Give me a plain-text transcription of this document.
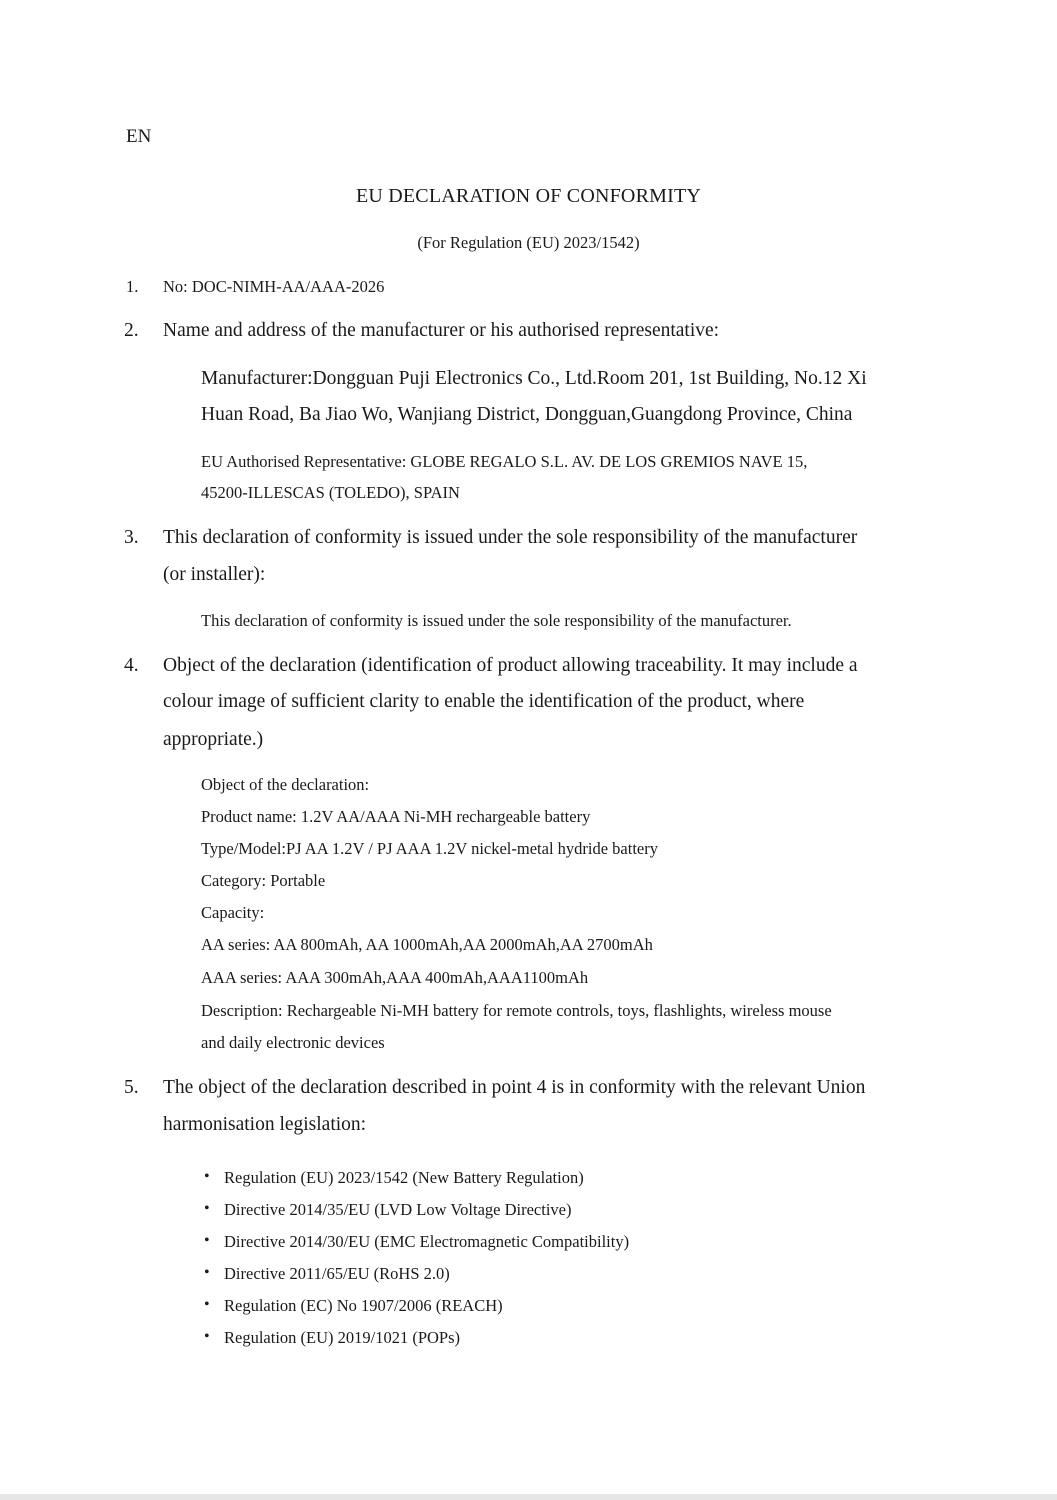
EN
EU DECLARATION OF CONFORMITY
(For Regulation (EU) 2023/1542)
1. No: DOC-NIMH-AA/AAA-2026
2. Name and address of the manufacturer or his authorised representative:
Manufacturer:Dongguan Puji Electronics Co., Ltd.Room 201, 1st Building, No.12 Xi
Huan Road, Ba Jiao Wo, Wanjiang District, Dongguan,Guangdong Province, China
EU Authorised Representative: GLOBE REGALO S.L. AV. DE LOS GREMIOS NAVE 15,
45200-ILLESCAS (TOLEDO), SPAIN
3. This declaration of conformity is issued under the sole responsibility of the manufacturer
(or installer):
This declaration of conformity is issued under the sole responsibility of the manufacturer.
4. Object of the declaration (identification of product allowing traceability. It may include a
colour image of sufficient clarity to enable the identification of the product, where
appropriate.)
Object of the declaration:
Product name: 1.2V AA/AAA Ni-MH rechargeable battery
Type/Model:PJ AA 1.2V / PJ AAA 1.2V nickel-metal hydride battery
Category: Portable
Capacity:
AA series: AA 800mAh, AA 1000mAh,AA 2000mAh,AA 2700mAh
AAA series: AAA 300mAh,AAA 400mAh,AAA1100mAh
Description: Rechargeable Ni-MH battery for remote controls, toys, flashlights, wireless mouse
and daily electronic devices
5. The object of the declaration described in point 4 is in conformity with the relevant Union
harmonisation legislation:
• Regulation (EU) 2023/1542 (New Battery Regulation)
• Directive 2014/35/EU (LVD Low Voltage Directive)
• Directive 2014/30/EU (EMC Electromagnetic Compatibility)
• Directive 2011/65/EU (RoHS 2.0)
• Regulation (EC) No 1907/2006 (REACH)
• Regulation (EU) 2019/1021 (POPs)
